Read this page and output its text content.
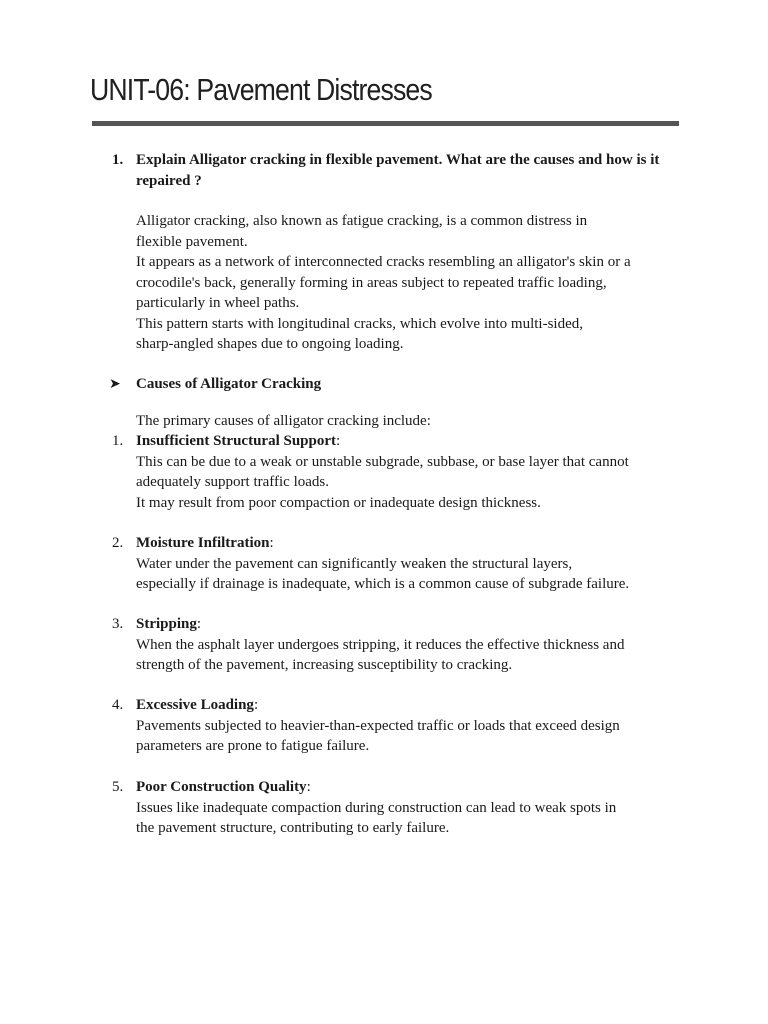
UNIT-06: Pavement Distresses
1. Explain Alligator cracking in flexible pavement. What are the causes and how is it repaired ?
Alligator cracking, also known as fatigue cracking, is a common distress in
flexible pavement.
It appears as a network of interconnected cracks resembling an alligator's skin or a
crocodile's back, generally forming in areas subject to repeated traffic loading,
particularly in wheel paths.
This pattern starts with longitudinal cracks, which evolve into multi-sided,
sharp-angled shapes due to ongoing loading.
➤ Causes of Alligator Cracking
The primary causes of alligator cracking include:
1. Insufficient Structural Support:
This can be due to a weak or unstable subgrade, subbase, or base layer that cannot
adequately support traffic loads.
It may result from poor compaction or inadequate design thickness.
2. Moisture Infiltration:
Water under the pavement can significantly weaken the structural layers,
especially if drainage is inadequate, which is a common cause of subgrade failure.
3. Stripping:
When the asphalt layer undergoes stripping, it reduces the effective thickness and
strength of the pavement, increasing susceptibility to cracking.
4. Excessive Loading:
Pavements subjected to heavier-than-expected traffic or loads that exceed design
parameters are prone to fatigue failure.
5. Poor Construction Quality:
Issues like inadequate compaction during construction can lead to weak spots in
the pavement structure, contributing to early failure.
